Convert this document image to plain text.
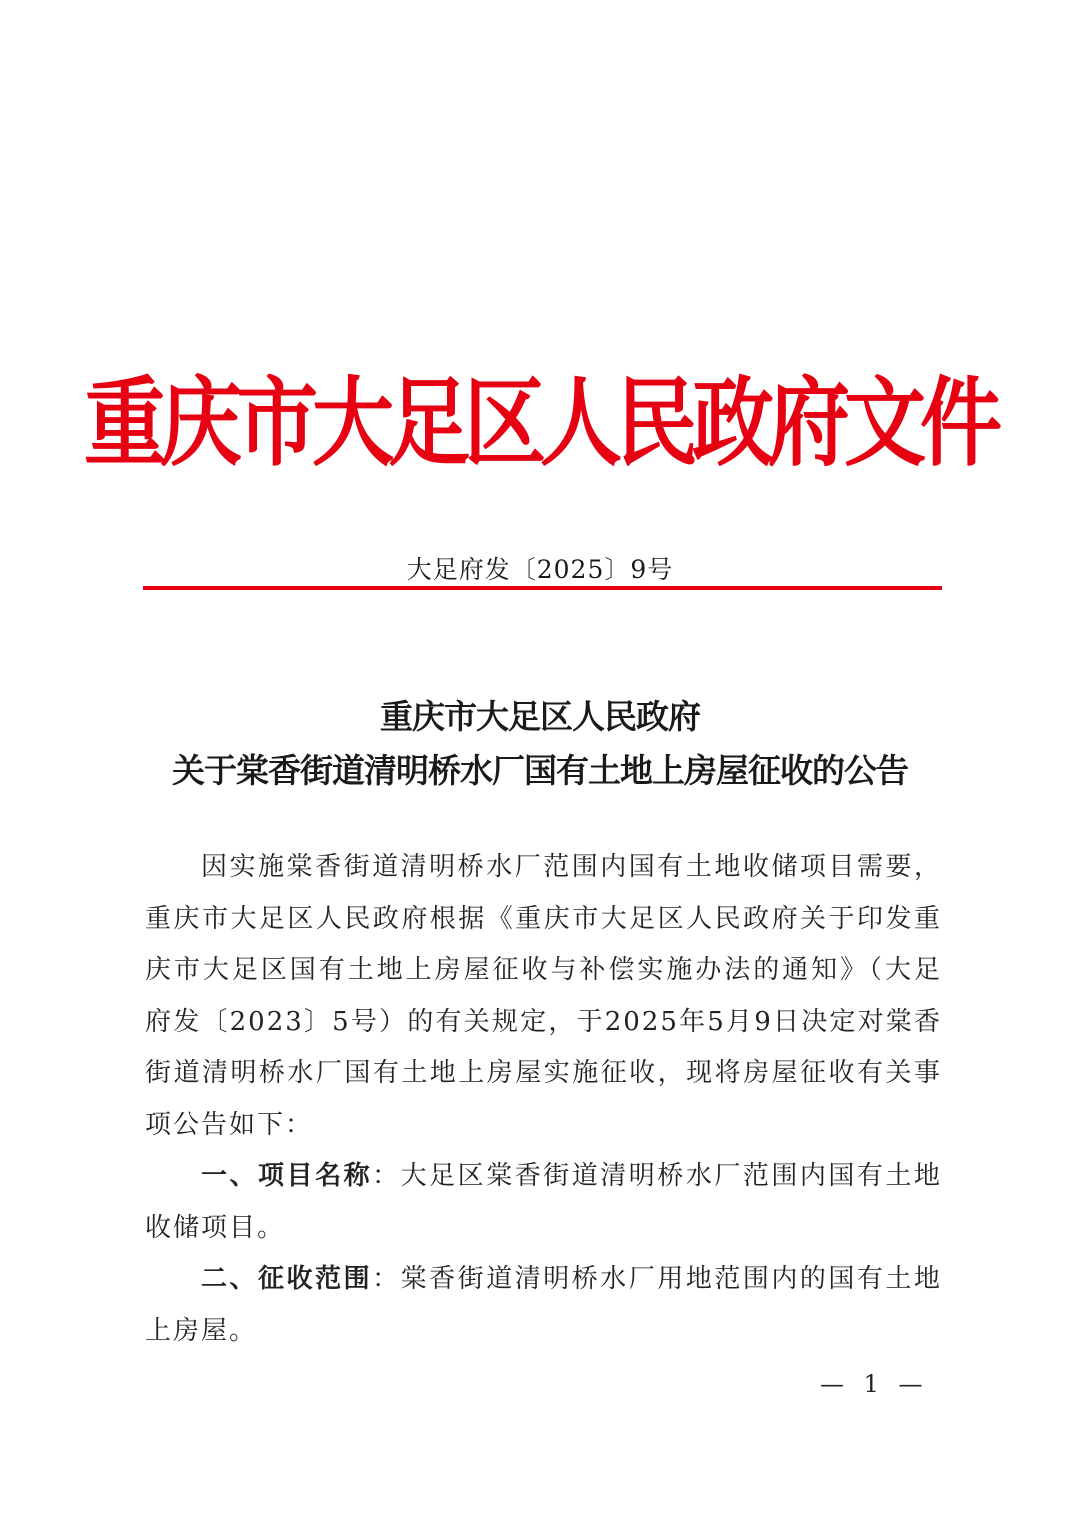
重庆市大足区人民政府文件
大足府发〔2025〕9号
重庆市大足区人民政府
关于棠香街道清明桥水厂国有土地上房屋征收的公告

因实施棠香街道清明桥水厂范围内国有土地收储项目需要，重庆市大足区人民政府根据《重庆市大足区人民政府关于印发重庆市大足区国有土地上房屋征收与补偿实施办法的通知》（大足府发〔2023〕5号）的有关规定，于2025年5月9日决定对棠香街道清明桥水厂国有土地上房屋实施征收，现将房屋征收有关事项公告如下：

一、项目名称：大足区棠香街道清明桥水厂范围内国有土地收储项目。

二、征收范围：棠香街道清明桥水厂用地范围内的国有土地上房屋。

— 1 —
